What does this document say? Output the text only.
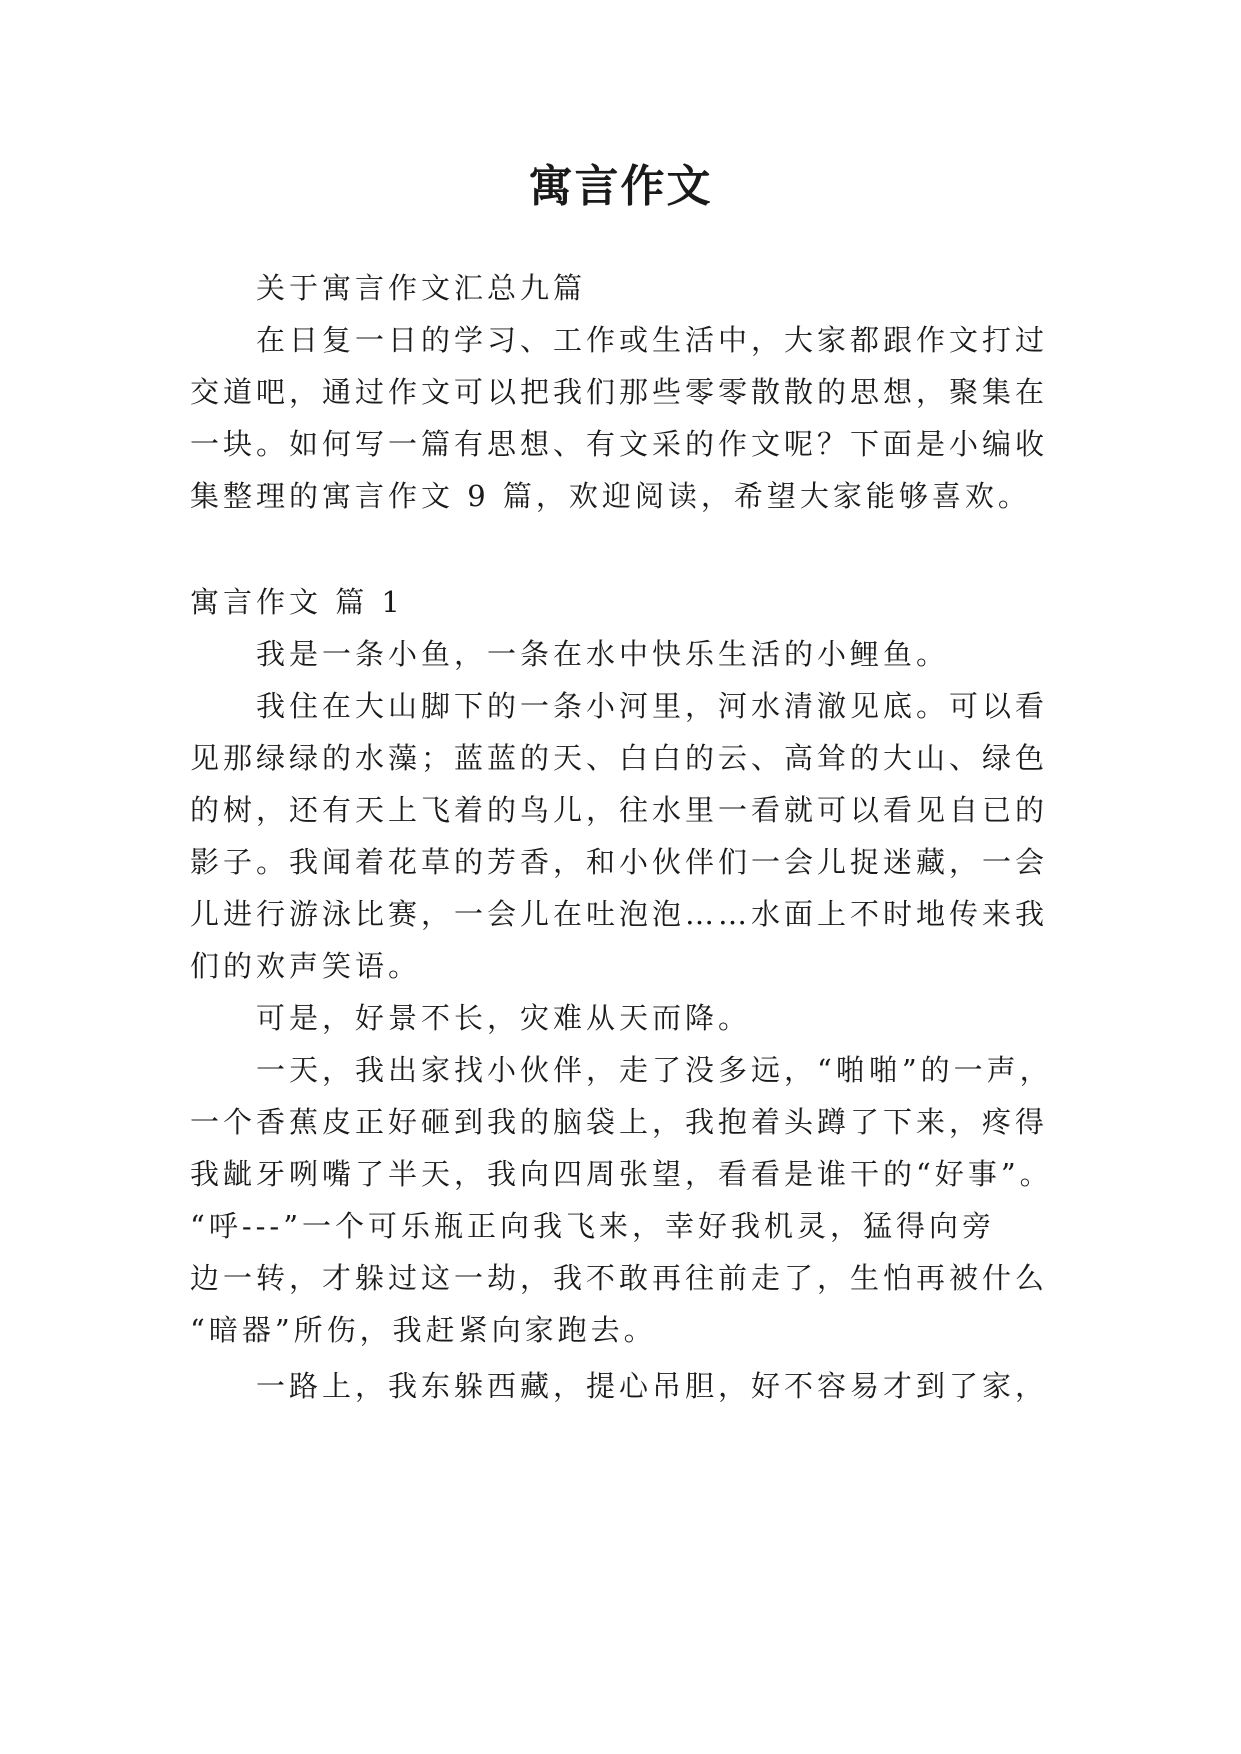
寓言作文
关于寓言作文汇总九篇
在日复一日的学习、工作或生活中，大家都跟作文打过
交道吧，通过作文可以把我们那些零零散散的思想，聚集在
一块。如何写一篇有思想、有文采的作文呢？下面是小编收
集整理的寓言作文 9 篇，欢迎阅读，希望大家能够喜欢。
寓言作文 篇 1
我是一条小鱼，一条在水中快乐生活的小鲤鱼。
我住在大山脚下的一条小河里，河水清澈见底。可以看
见那绿绿的水藻；蓝蓝的天、白白的云、高耸的大山、绿色
的树，还有天上飞着的鸟儿，往水里一看就可以看见自已的
影子。我闻着花草的芳香，和小伙伴们一会儿捉迷藏，一会
儿进行游泳比赛，一会儿在吐泡泡……水面上不时地传来我
们的欢声笑语。
可是，好景不长，灾难从天而降。
一天，我出家找小伙伴，走了没多远，“啪啪”的一声，
一个香蕉皮正好砸到我的脑袋上，我抱着头蹲了下来，疼得
我龇牙咧嘴了半天，我向四周张望，看看是谁干的“好事”。
“呼---”一个可乐瓶正向我飞来，幸好我机灵，猛得向旁
边一转，才躲过这一劫，我不敢再往前走了，生怕再被什么
“暗器”所伤，我赶紧向家跑去。
一路上，我东躲西藏，提心吊胆，好不容易才到了家，
